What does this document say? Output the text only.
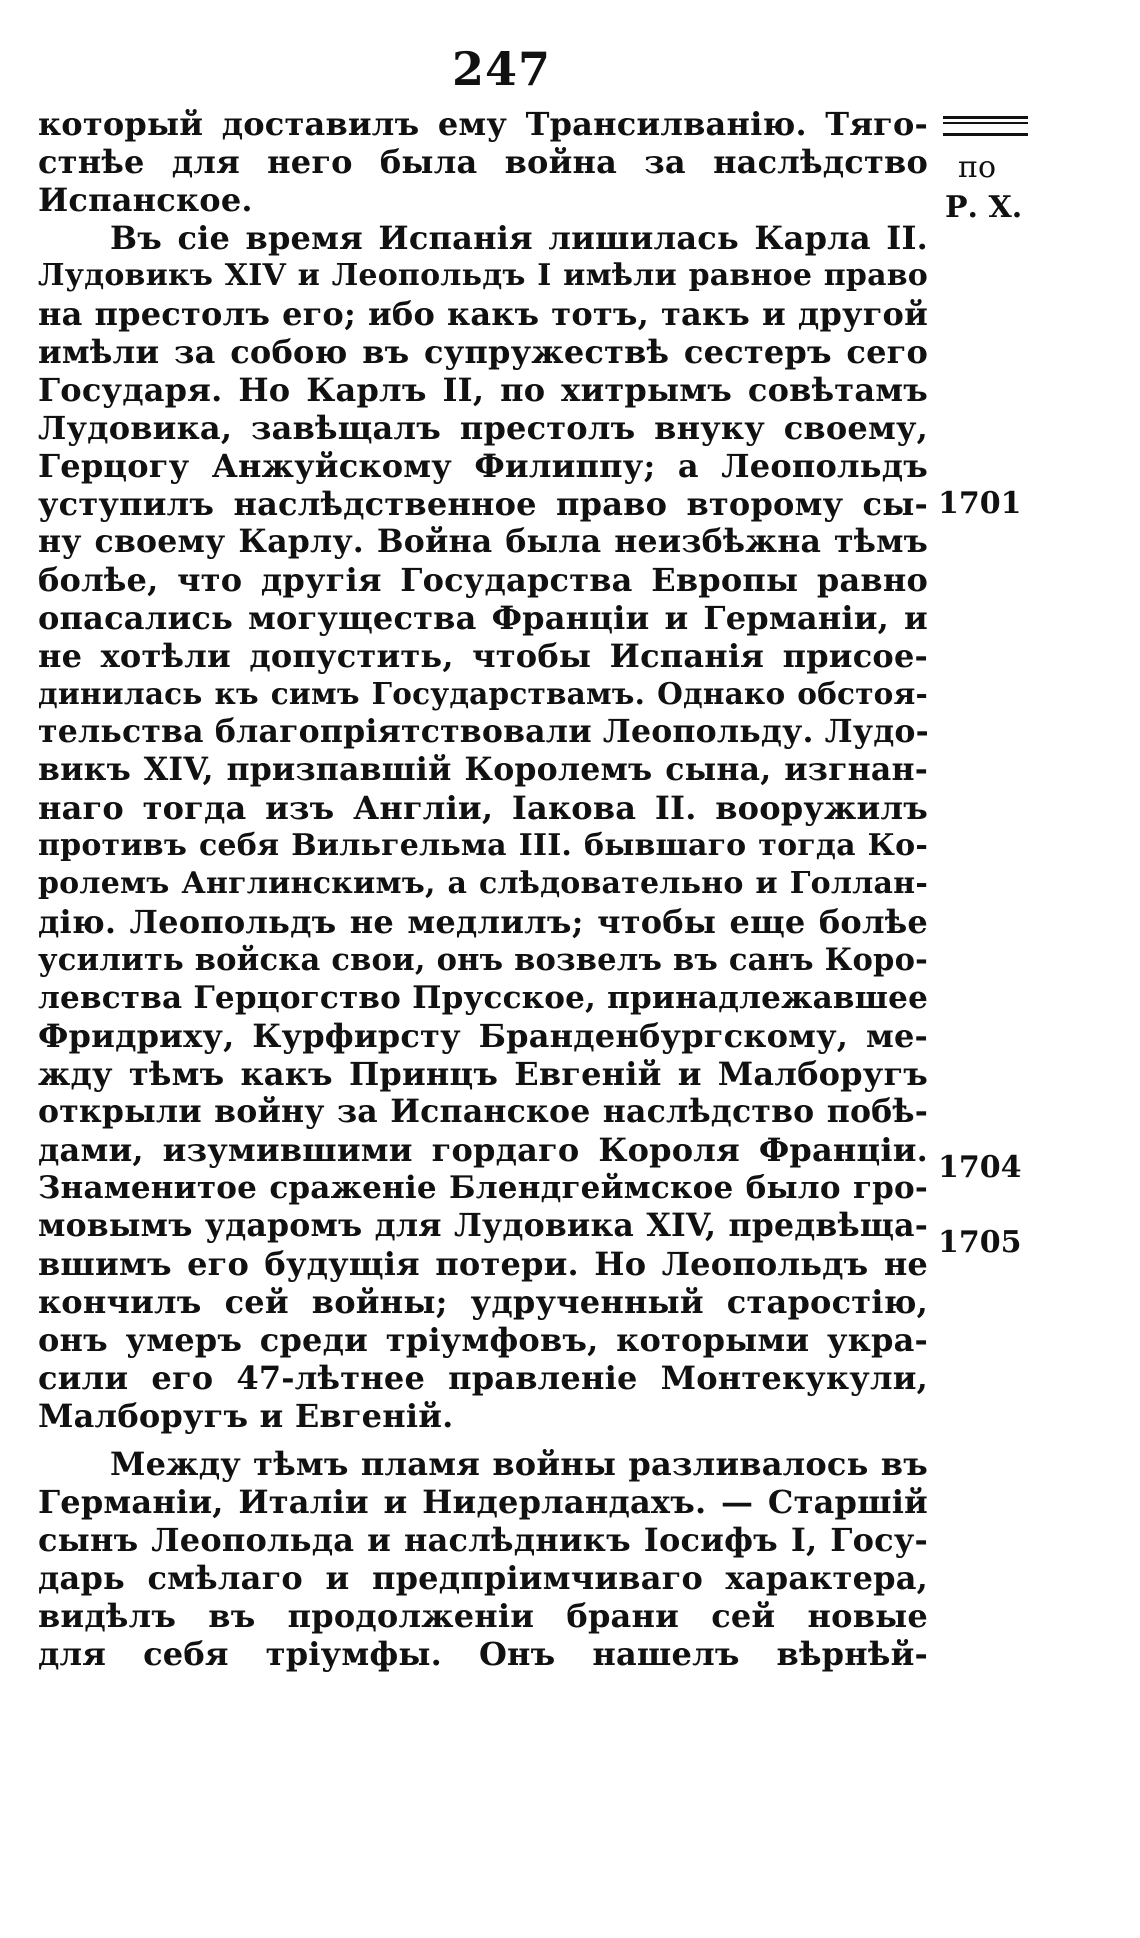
247
который доставилъ ему Трансилванію. Тяго-
стнѣе для него была война за наслѣдство
Испанское.
Въ сіе время Испанія лишилась Карла II.
Лудовикъ XIV и Леопольдъ I имѣли равное право
на престолъ его; ибо какъ тотъ, такъ и другой
имѣли за собою въ супружествѣ сестеръ сего
Государя. Но Карлъ II, по хитрымъ совѣтамъ
Лудовика, завѣщалъ престолъ внуку своему,
Герцогу Анжуйскому Филиппу; а Леопольдъ
уступилъ наслѣдственное право второму сы-
ну своему Карлу. Война была неизбѣжна тѣмъ
болѣе, что другія Государства Европы равно
опасались могущества Франціи и Германіи, и
не хотѣли допустить, чтобы Испанія присое-
динилась къ симъ Государствамъ. Однако обстоя-
тельства благопріятствовали Леопольду. Лудо-
викъ XIV, призпавшій Королемъ сына, изгнан-
наго тогда изъ Англіи, Іакова II. вооружилъ
противъ себя Вильгельма III. бывшаго тогда Ко-
ролемъ Англинскимъ, а слѣдовательно и Голлан-
дію. Леопольдъ не медлилъ; чтобы еще болѣе
усилить войска свои, онъ возвелъ въ санъ Коро-
левства Герцогство Прусское, принадлежавшее
Фридриху, Курфирсту Бранденбургскому, ме-
жду тѣмъ какъ Принцъ Евгеній и Малборугъ
открыли войну за Испанское наслѣдство побѣ-
дами, изумившими гордаго Короля Франціи.
Знаменитое сраженіе Блендгеймское было гро-
мовымъ ударомъ для Лудовика XIV, предвѣща-
вшимъ его будущія потери. Но Леопольдъ не
кончилъ сей войны; удрученный старостію,
онъ умеръ среди тріумфовъ, которыми укра-
сили его 47-лѣтнее правленіе Монтекукули,
Малборугъ и Евгеній.
Между тѣмъ пламя войны разливалось въ
Германіи, Италіи и Нидерландахъ. — Старшій
сынъ Леопольда и наслѣдникъ Іосифъ I, Госу-
дарь смѣлаго и предпріимчиваго характера,
видѣлъ въ продолженіи брани сей новые
для себя тріумфы. Онъ нашелъ вѣрнѣй-
по
Р. Х.
1701
1704
1705
